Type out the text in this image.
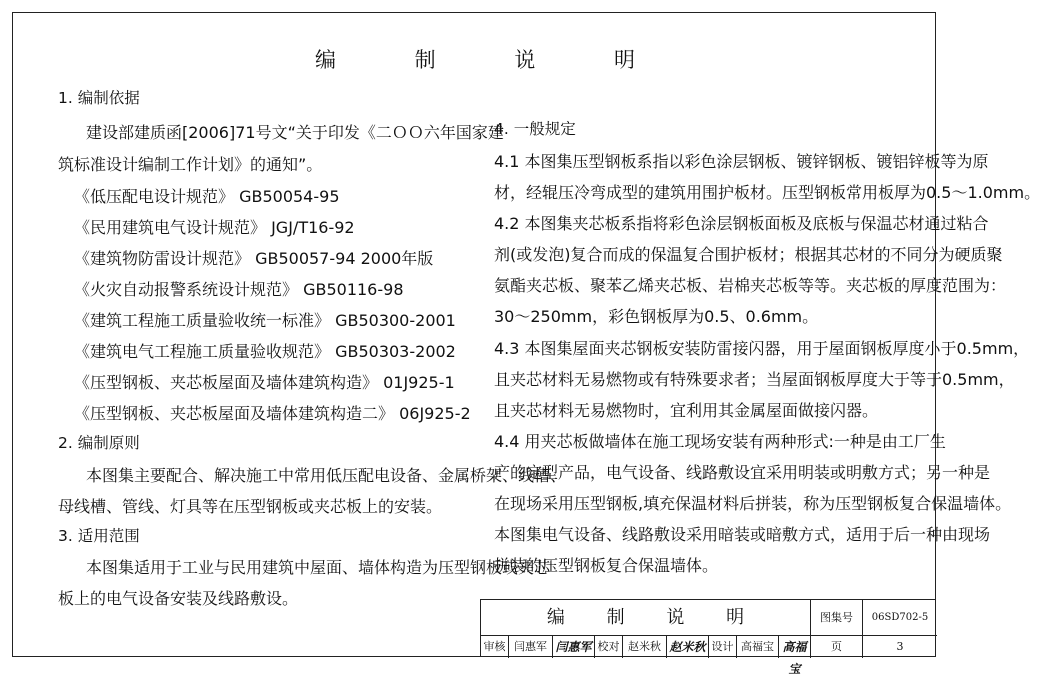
编 制 说 明
1. 编制依据
建设部建质函[2006]71号文“关于印发《二ＯＯ六年国家建
筑标准设计编制工作计划》的通知”。
《低压配电设计规范》 GB50054-95
《民用建筑电气设计规范》 JGJ/T16-92
《建筑物防雷设计规范》 GB50057-94 2000年版
《火灾自动报警系统设计规范》 GB50116-98
《建筑工程施工质量验收统一标准》 GB50300-2001
《建筑电气工程施工质量验收规范》 GB50303-2002
《压型钢板、夹芯板屋面及墙体建筑构造》 01J925-1
《压型钢板、夹芯板屋面及墙体建筑构造二》 06J925-2
2. 编制原则
本图集主要配合、解决施工中常用低压配电设备、金属桥架、线槽、
母线槽、管线、灯具等在压型钢板或夹芯板上的安装。
3. 适用范围
本图集适用于工业与民用建筑中屋面、墙体构造为压型钢板或夹芯
板上的电气设备安装及线路敷设。
4. 一般规定
4.1 本图集压型钢板系指以彩色涂层钢板、镀锌钢板、镀铝锌板等为原
材，经辊压冷弯成型的建筑用围护板材。压型钢板常用板厚为0.5～1.0mm。
4.2 本图集夹芯板系指将彩色涂层钢板面板及底板与保温芯材通过粘合
剂(或发泡)复合而成的保温复合围护板材；根据其芯材的不同分为硬质聚
氨酯夹芯板、聚苯乙烯夹芯板、岩棉夹芯板等等。夹芯板的厚度范围为：
30～250mm，彩色钢板厚为0.5、0.6mm。
4.3 本图集屋面夹芯钢板安装防雷接闪器，用于屋面钢板厚度小于0.5mm，
且夹芯材料无易燃物或有特殊要求者；当屋面钢板厚度大于等于0.5mm，
且夹芯材料无易燃物时，宜利用其金属屋面做接闪器。
4.4 用夹芯板做墙体在施工现场安装有两种形式:一种是由工厂生
产的定型产品，电气设备、线路敷设宜采用明装或明敷方式；另一种是
在现场采用压型钢板,填充保温材料后拼装，称为压型钢板复合保温墙体。
本图集电气设备、线路敷设采用暗装或暗敷方式，适用于后一种由现场
拼装的压型钢板复合保温墙体。
编 制 说 明	图集号	06SD702-5
审核 闫惠军 闫惠军 校对 赵米秋 赵米秋 设计 高福宝 高福宝
页	3
